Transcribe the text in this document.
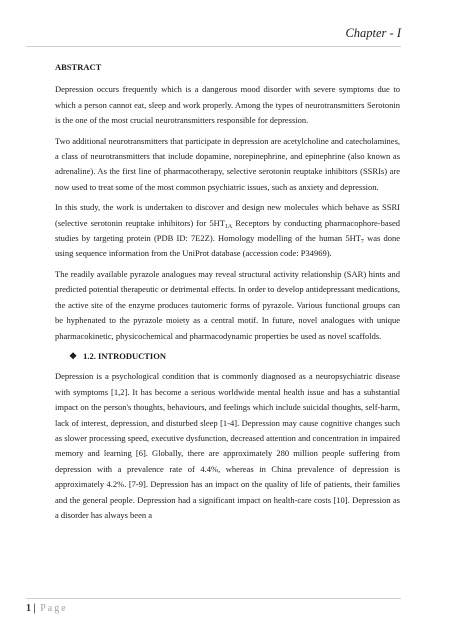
Chapter - I
ABSTRACT

Depression occurs frequently which is a dangerous mood disorder with severe symptoms due to which a person cannot eat, sleep and work properly. Among the types of neurotransmitters Serotonin is the one of the most crucial neurotransmitters responsible for depression.

Two additional neurotransmitters that participate in depression are acetylcholine and catecholamines, a class of neurotransmitters that include dopamine, norepinephrine, and epinephrine (also known as adrenaline). As the first line of pharmacotherapy, selective serotonin reuptake inhibitors (SSRIs) are now used to treat some of the most common psychiatric issues, such as anxiety and depression.

In this study, the work is undertaken to discover and design new molecules which behave as SSRI (selective serotonin reuptake inhibitors) for $5HT_{1A}$ Receptors by conducting pharmacophore-based studies by targeting protein (PDB ID: 7E2Z). Homology modelling of the human $5HT_7$ was done using sequence information from the UniProt database (accession code: P34969).

The readily available pyrazole analogues may reveal structural activity relationship (SAR) hints and predicted potential therapeutic or detrimental effects. In order to develop antidepressant medications, the active site of the enzyme produces tautomeric forms of pyrazole. Various functional groups can be hyphenated to the pyrazole moiety as a central motif. In future, novel analogues with unique pharmacokinetic, physicochemical and pharmacodynamic properties be used as novel scaffolds.

❖ 1.2. INTRODUCTION

Depression is a psychological condition that is commonly diagnosed as a neuropsychiatric disease with symptoms [1,2]. It has become a serious worldwide mental health issue and has a substantial impact on the person's thoughts, behaviours, and feelings which include suicidal thoughts, self-harm, lack of interest, depression, and disturbed sleep [1-4]. Depression may cause cognitive changes such as slower processing speed, executive dysfunction, decreased attention and concentration in impaired memory and learning [6]. Globally, there are approximately 280 million people suffering from depression with a prevalence rate of 4.4%, whereas in China prevalence of depression is approximately 4.2%. [7-9]. Depression has an impact on the quality of life of patients, their families and the general people. Depression had a significant impact on health-care costs [10]. Depression as a disorder has always been a

1 | Page
